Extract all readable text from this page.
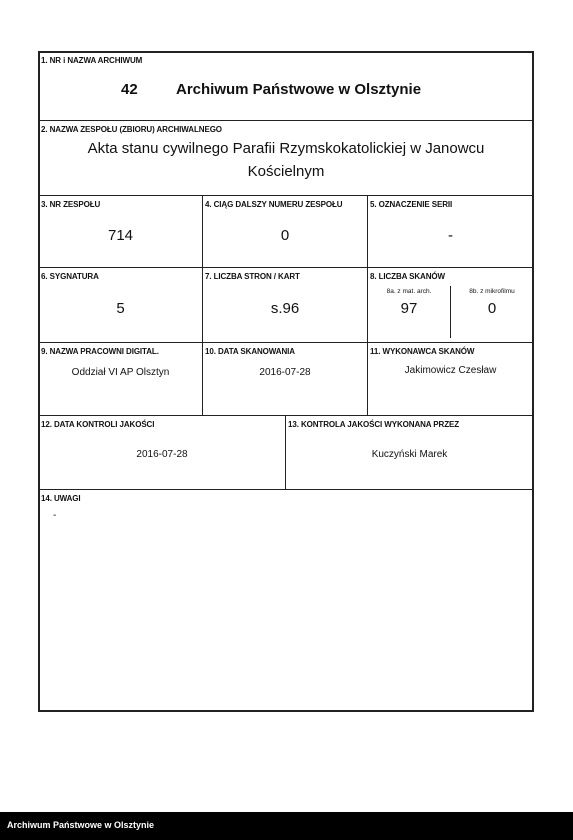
1. NR i NAZWA ARCHIWUM
42	Archiwum Państwowe w Olsztynie
2. NAZWA ZESPOŁU (ZBIORU) ARCHIWALNEGO
Akta stanu cywilnego Parafii Rzymskokatolickiej w Janowcu
Kościelnym
3. NR ZESPOŁU
714
4. CIĄG DALSZY NUMERU ZESPOŁU
0
5. OZNACZENIE SERII
-
6. SYGNATURA
5
7. LICZBA STRON / KART
s.96
8. LICZBA SKANÓW
8a. z mat. arch.
97
8b. z mikrofilmu
0
9. NAZWA PRACOWNI DIGITAL.
Oddział VI AP Olsztyn
10. DATA SKANOWANIA
2016-07-28
11. WYKONAWCA SKANÓW
Jakimowicz Czesław
12. DATA KONTROLI JAKOŚCI
2016-07-28
13. KONTROLA JAKOŚCI WYKONANA PRZEZ
Kuczyński Marek
14. UWAGI
-
Archiwum Państwowe w Olsztynie
